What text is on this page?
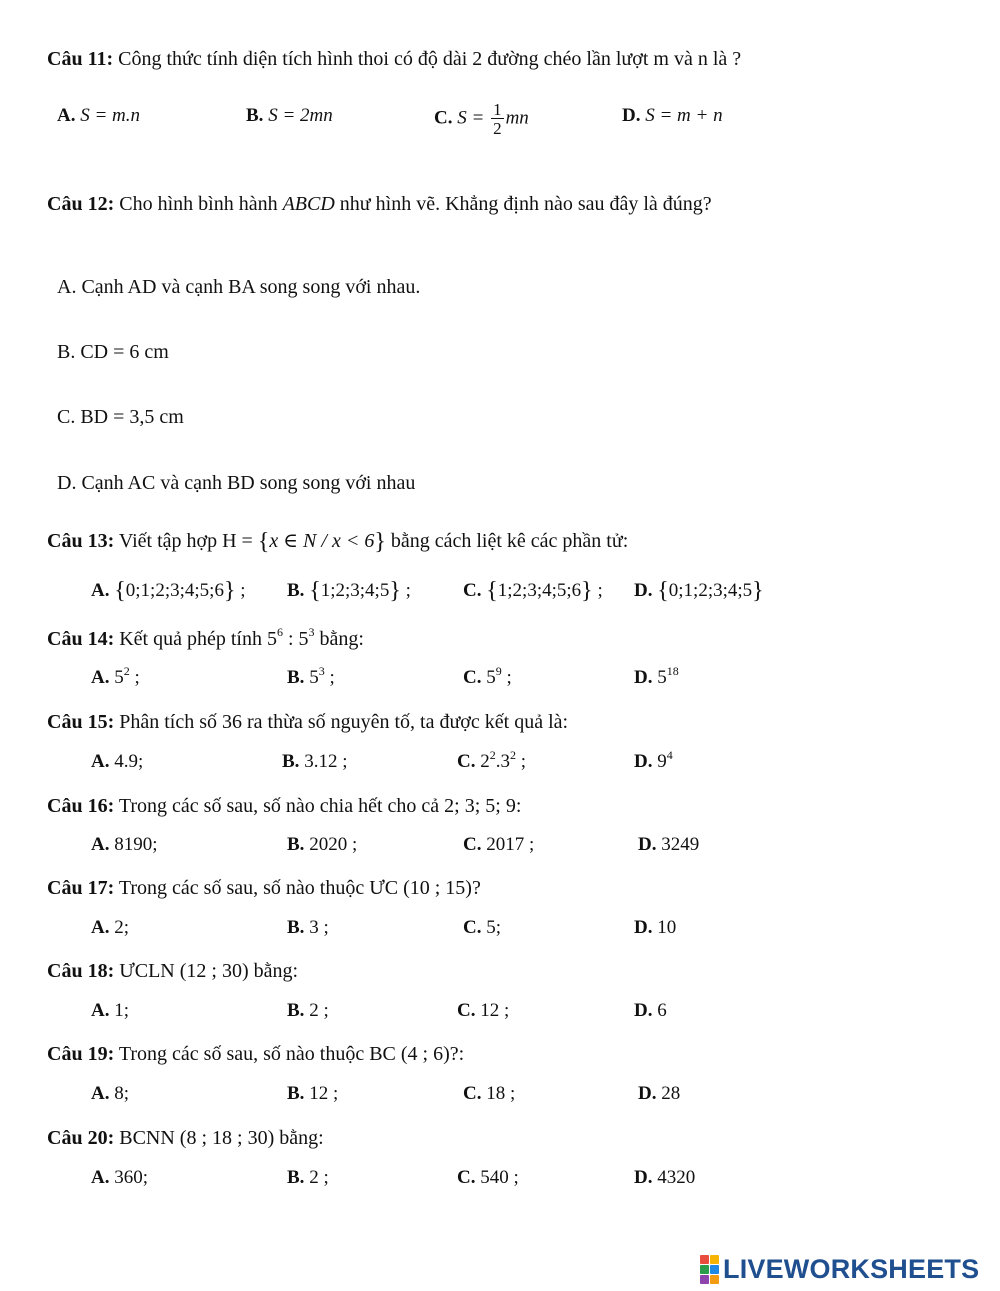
Câu 11: Công thức tính diện tích hình thoi có độ dài 2 đường chéo lần lượt m và n là ?
A. S = m.n	B. S = 2mn	C. $S = \frac{1}{2}$ mn	D. S = m + n
Câu 12: Cho hình bình hành ABCD như hình vẽ. Khẳng định nào sau đây là đúng?
A. Cạnh AD và cạnh BA song song với nhau.
B. CD = 6 cm
C. BD = 3,5 cm
D. Cạnh AC và cạnh BD song song với nhau
Câu 13: Viết tập hợp H = {x ∈ N / x < 6} bằng cách liệt kê các phần tử:
A. {0;1;2;3;4;5;6} ; B. {1;2;3;4;5} ;	C. {1;2;3;4;5;6} ; D. {0;1;2;3;4;5}
Câu 14: Kết quả phép tính $5^6$ : $5^3$ bằng:
A. $5^2$ ;	B. $5^3$ ;	C. $5^9$ ;	D. $5^{18}$
Câu 15: Phân tích số 36 ra thừa số nguyên tố, ta được kết quả là:
A. 4.9;	B. 3.12 ;	C. $2^2.3^2$ ;	D. $9^4$
Câu 16: Trong các số sau, số nào chia hết cho cả 2; 3; 5; 9:
A. 8190;	B. 2020 ;	C. 2017 ;	D. 3249
Câu 17: Trong các số sau, số nào thuộc ƯC (10 ; 15)?
A. 2;	B. 3 ;	C. 5;	D. 10
Câu 18: ƯCLN (12 ; 30) bằng:
A. 1;	B. 2 ;	C. 12 ;	D. 6
Câu 19: Trong các số sau, số nào thuộc BC (4 ; 6)?:
A. 8;	B. 12 ;	C. 18 ;	D. 28
Câu 20: BCNN (8 ; 18 ; 30) bằng:
A. 360;	B. 2 ;	C. 540 ;	D. 4320
LIVEWORKSHEETS
